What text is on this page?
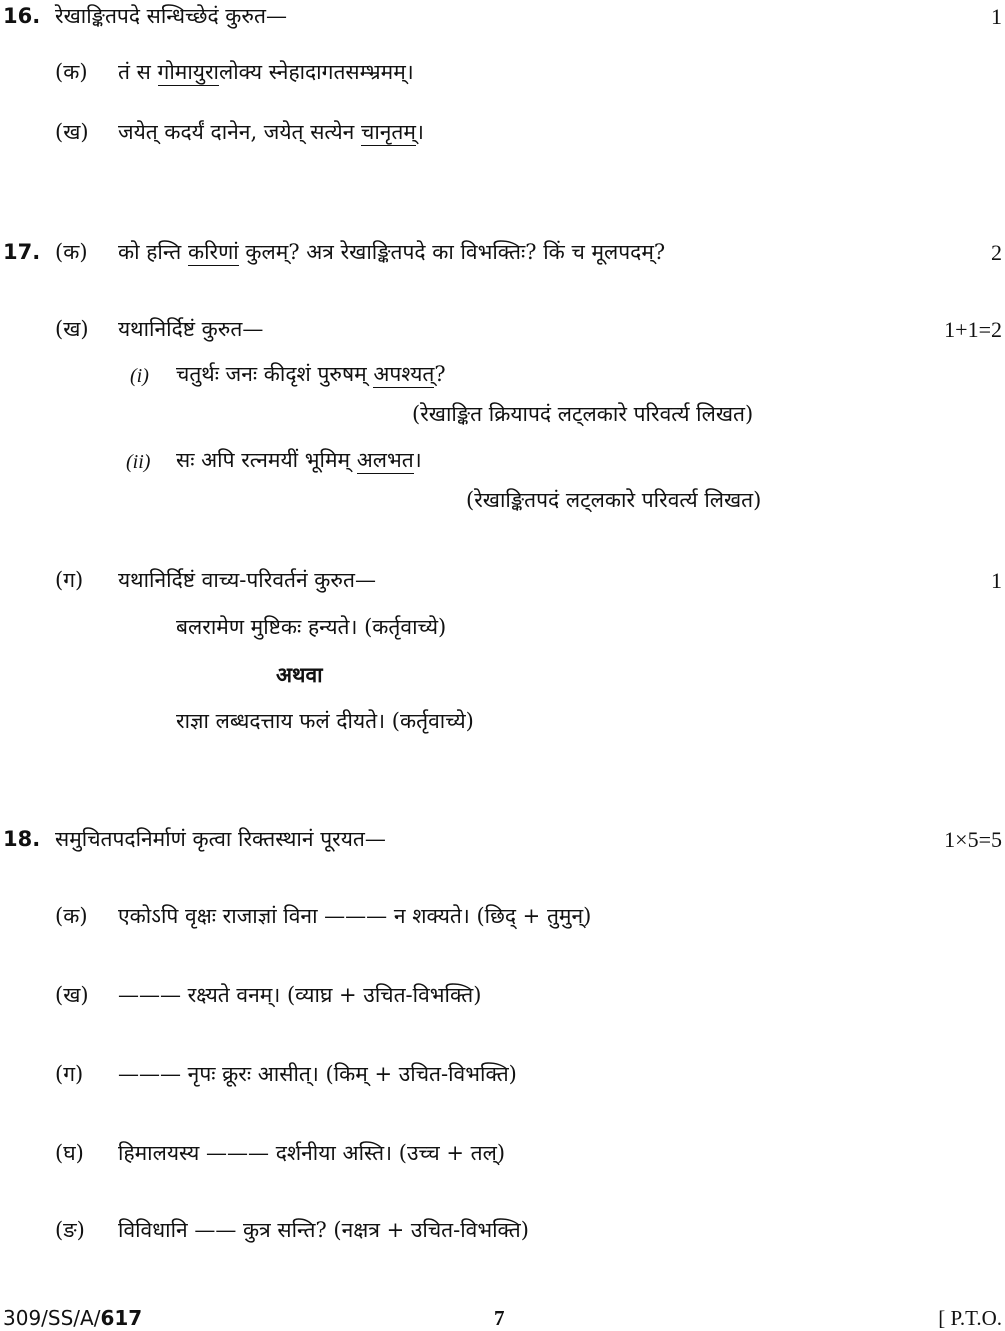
16. रेखाङ्कितपदे सन्धिच्छेदं कुरुत—	1
(क) तं स गोमायुरालोक्य स्नेहादागतसम्भ्रमम्।
(ख) जयेत् कदर्यं दानेन, जयेत् सत्येन चानृतम्।
17. (क) को हन्ति करिणां कुलम्? अत्र रेखाङ्कितपदे का विभक्तिः? किं च मूलपदम्?	2
(ख) यथानिर्दिष्टं कुरुत—	1+1=2
(i) चतुर्थः जनः कीदृशं पुरुषम् अपश्यत्?
(रेखाङ्कित क्रियापदं लट्लकारे परिवर्त्य लिखत)
(ii) सः अपि रत्नमयीं भूमिम् अलभत।
(रेखाङ्कितपदं लट्लकारे परिवर्त्य लिखत)
(ग) यथानिर्दिष्टं वाच्य-परिवर्तनं कुरुत—	1
बलरामेण मुष्टिकः हन्यते। (कर्तृवाच्ये)
अथवा
राज्ञा लब्धदत्ताय फलं दीयते। (कर्तृवाच्ये)
18. समुचितपदनिर्माणं कृत्वा रिक्तस्थानं पूरयत—	1×5=5
(क) एकोऽपि वृक्षः राजाज्ञां विना ——— न शक्यते। (छिद् + तुमुन्)
(ख) ——— रक्ष्यते वनम्। (व्याघ्र + उचित-विभक्ति)
(ग) ——— नृपः क्रूरः आसीत्। (किम् + उचित-विभक्ति)
(घ) हिमालयस्य ——— दर्शनीया अस्ति। (उच्च + तल्)
(ङ) विविधानि —— कुत्र सन्ति? (नक्षत्र + उचित-विभक्ति)
309/SS/A/617	7	[ P.T.O.
